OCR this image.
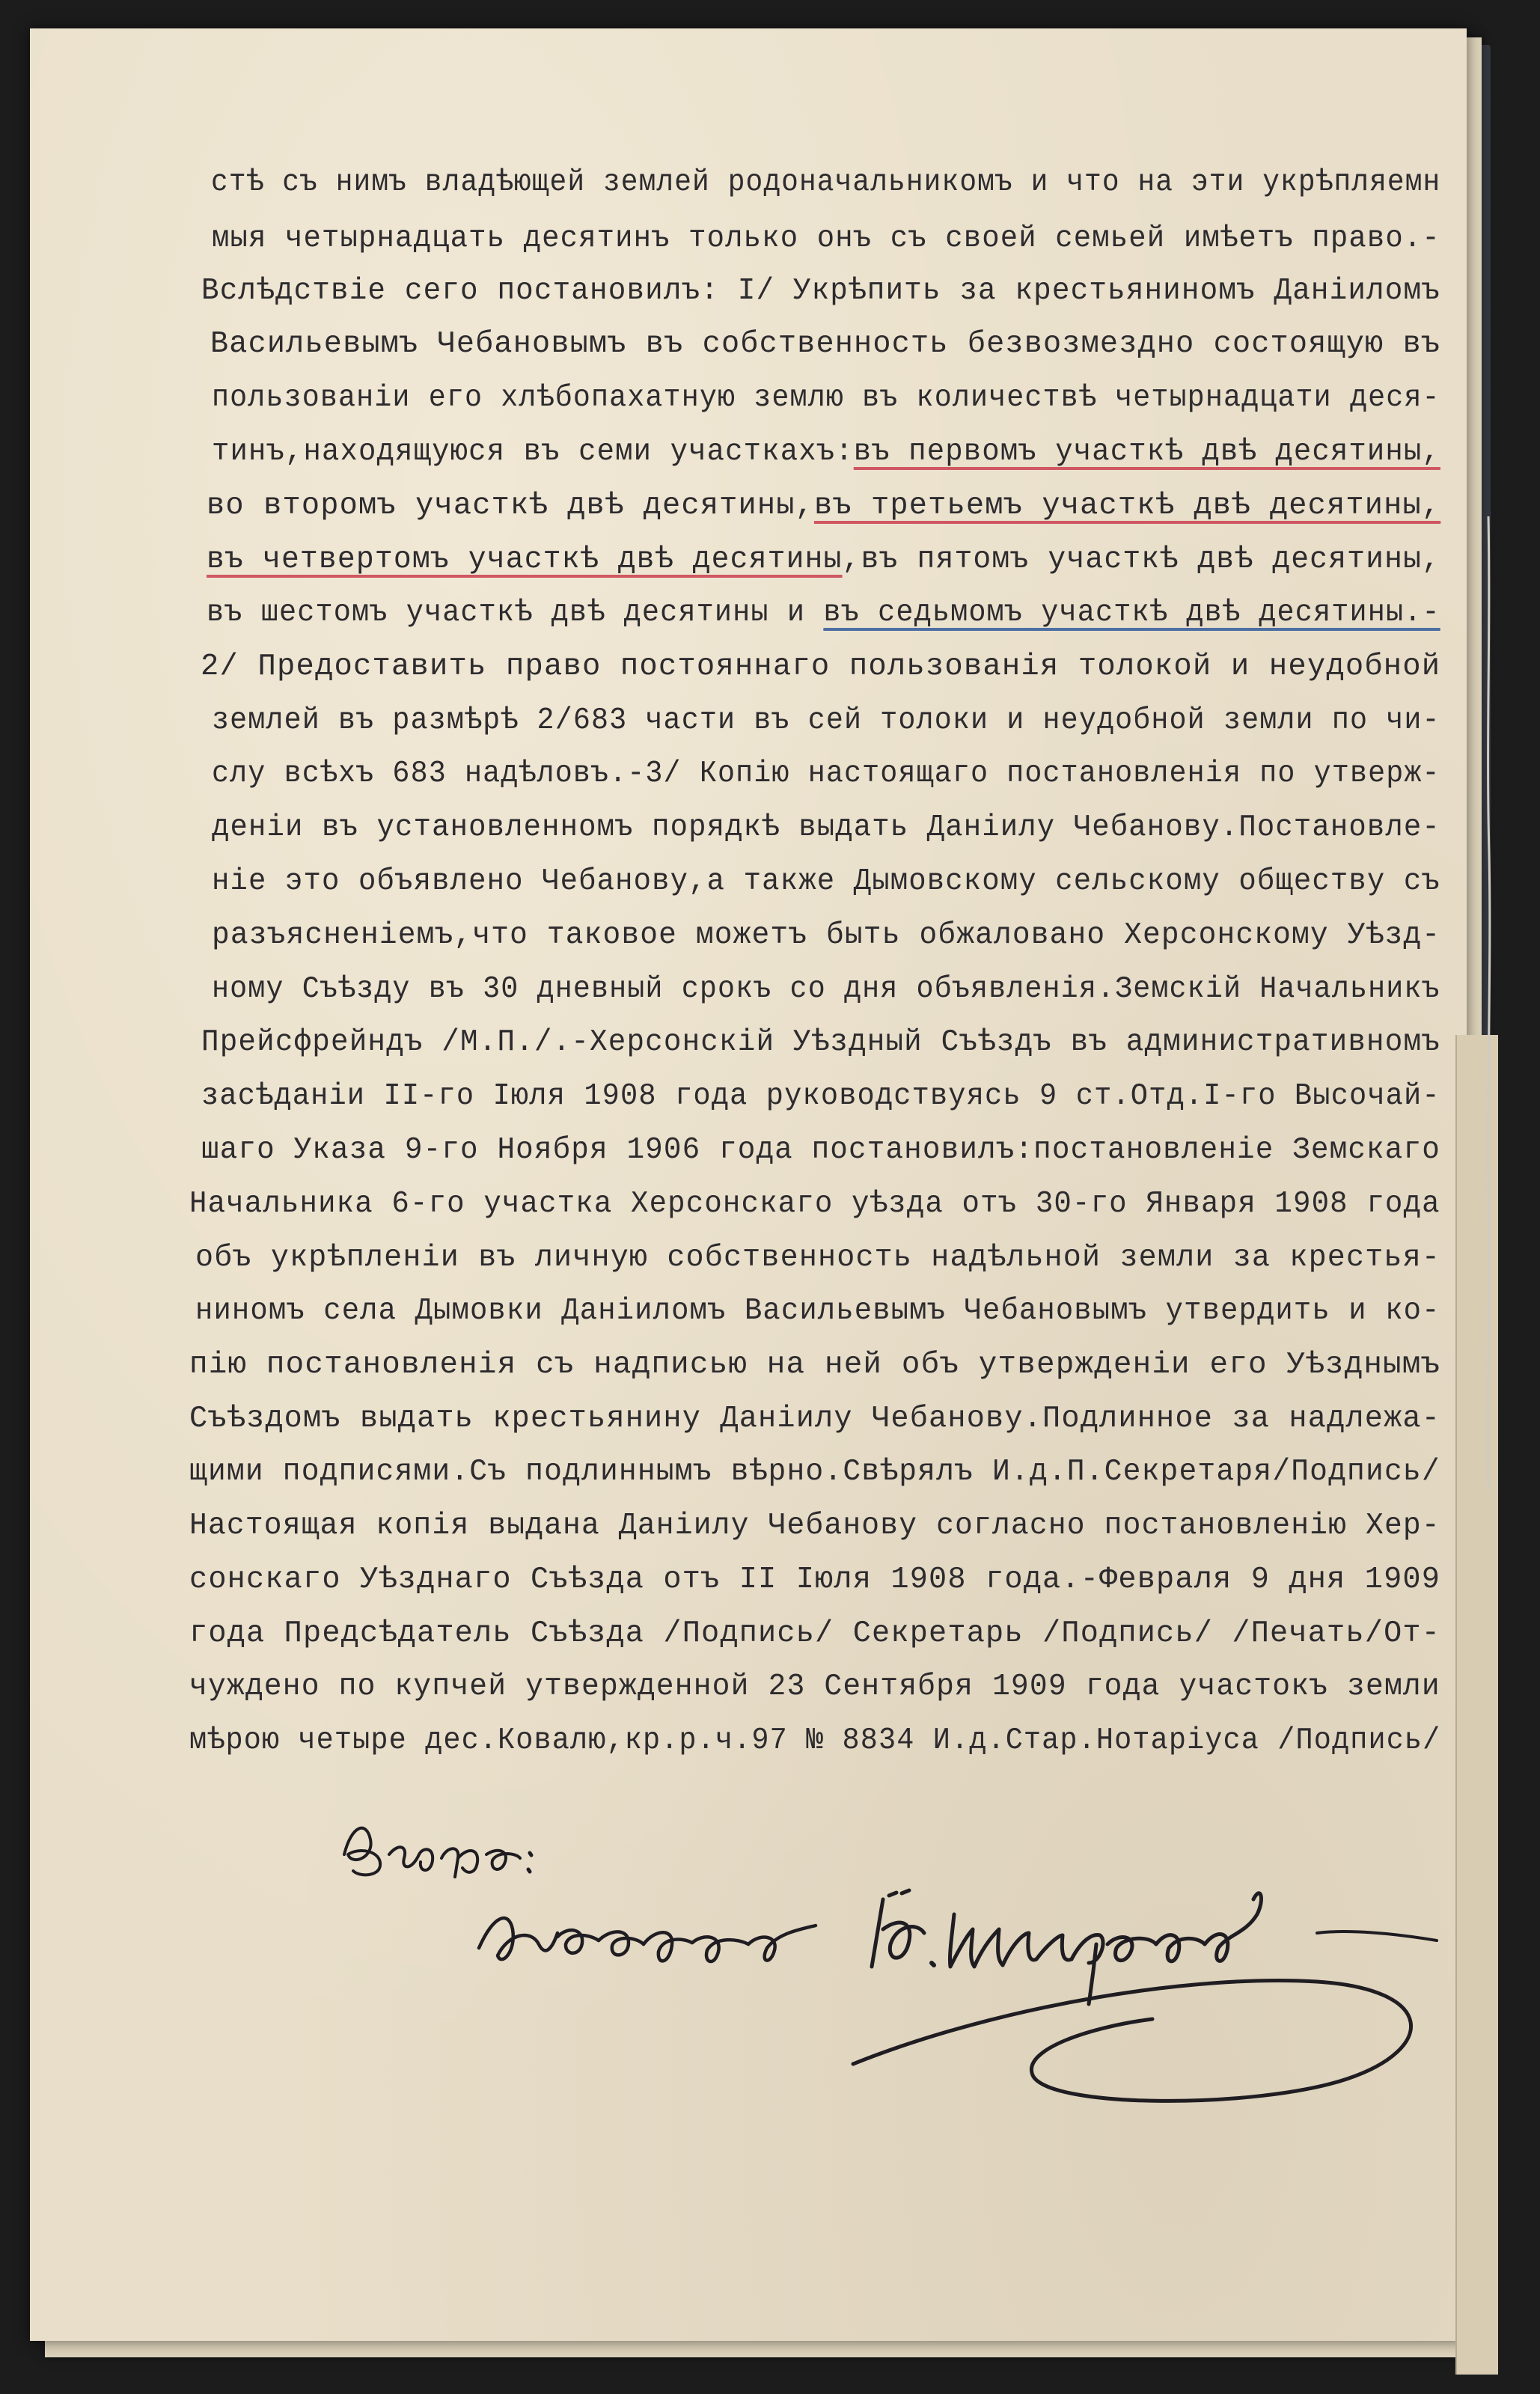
стѣ съ нимъ владѣющей землей родоначальникомъ и что на эти укрѣпляемн
мыя четырнадцать десятинъ только онъ съ своей семьей имѣетъ право.-
Вслѣдствіе сего постановилъ: I/ Укрѣпить за крестьяниномъ Даніиломъ
Васильевымъ Чебановымъ въ собственность безвозмездно состоящую въ
пользованіи его хлѣбопахатную землю въ количествѣ четырнадцати деся-
тинъ,находящуюся въ семи участкахъ:въ первомъ участкѣ двѣ десятины,
во второмъ участкѣ двѣ десятины,въ третьемъ участкѣ двѣ десятины,
въ четвертомъ участкѣ двѣ десятины,въ пятомъ участкѣ двѣ десятины,
въ шестомъ участкѣ двѣ десятины и въ седьмомъ участкѣ двѣ десятины.-
2/ Предоставить право постояннаго пользованія толокой и неудобной
землей въ размѣрѣ 2/683 части въ сей толоки и неудобной земли по чи-
слу всѣхъ 683 надѣловъ.-3/ Копію настоящаго постановленія по утверж-
деніи въ установленномъ порядкѣ выдать Даніилу Чебанову.Постановле-
ніе это объявлено Чебанову,а также Дымовскому сельскому обществу съ
разъясненіемъ,что таковое можетъ быть обжаловано Херсонскому Уѣзд-
ному Съѣзду въ 30 дневный срокъ со дня объявленія.Земскій Начальникъ
Прейсфрейндъ /М.П./.-Херсонскій Уѣздный Съѣздъ въ административномъ
засѣданіи II-го Іюля 1908 года руководствуясь 9 ст.Отд.I-го Высочай-
шаго Указа 9-го Ноября 1906 года постановилъ:постановленіе Земскаго
Начальника 6-го участка Херсонскаго уѣзда отъ 30-го Января 1908 года
объ укрѣпленіи въ личную собственность надѣльной земли за крестья-
ниномъ села Дымовки Даніиломъ Васильевымъ Чебановымъ утвердить и ко-
пію постановленія съ надписью на ней объ утвержденіи его Уѣзднымъ
Съѣздомъ выдать крестьянину Даніилу Чебанову.Подлинное за надлежа-
щими подписями.Съ подлиннымъ вѣрно.Свѣрялъ И.д.П.Секретаря/Подпись/
Настоящая копія выдана Даніилу Чебанову согласно постановленію Хер-
сонскаго Уѣзднаго Съѣзда отъ II Іюля 1908 года.-Февраля 9 дня 1909
года Предсѣдатель Съѣзда /Подпись/ Секретарь /Подпись/ /Печать/От-
чуждено по купчей утвержденной 23 Сентября 1909 года участокъ земли
мѣрою четыре дес.Ковалю,кр.р.ч.97 № 8834 И.д.Стар.Нотаріуса /Подпись/
